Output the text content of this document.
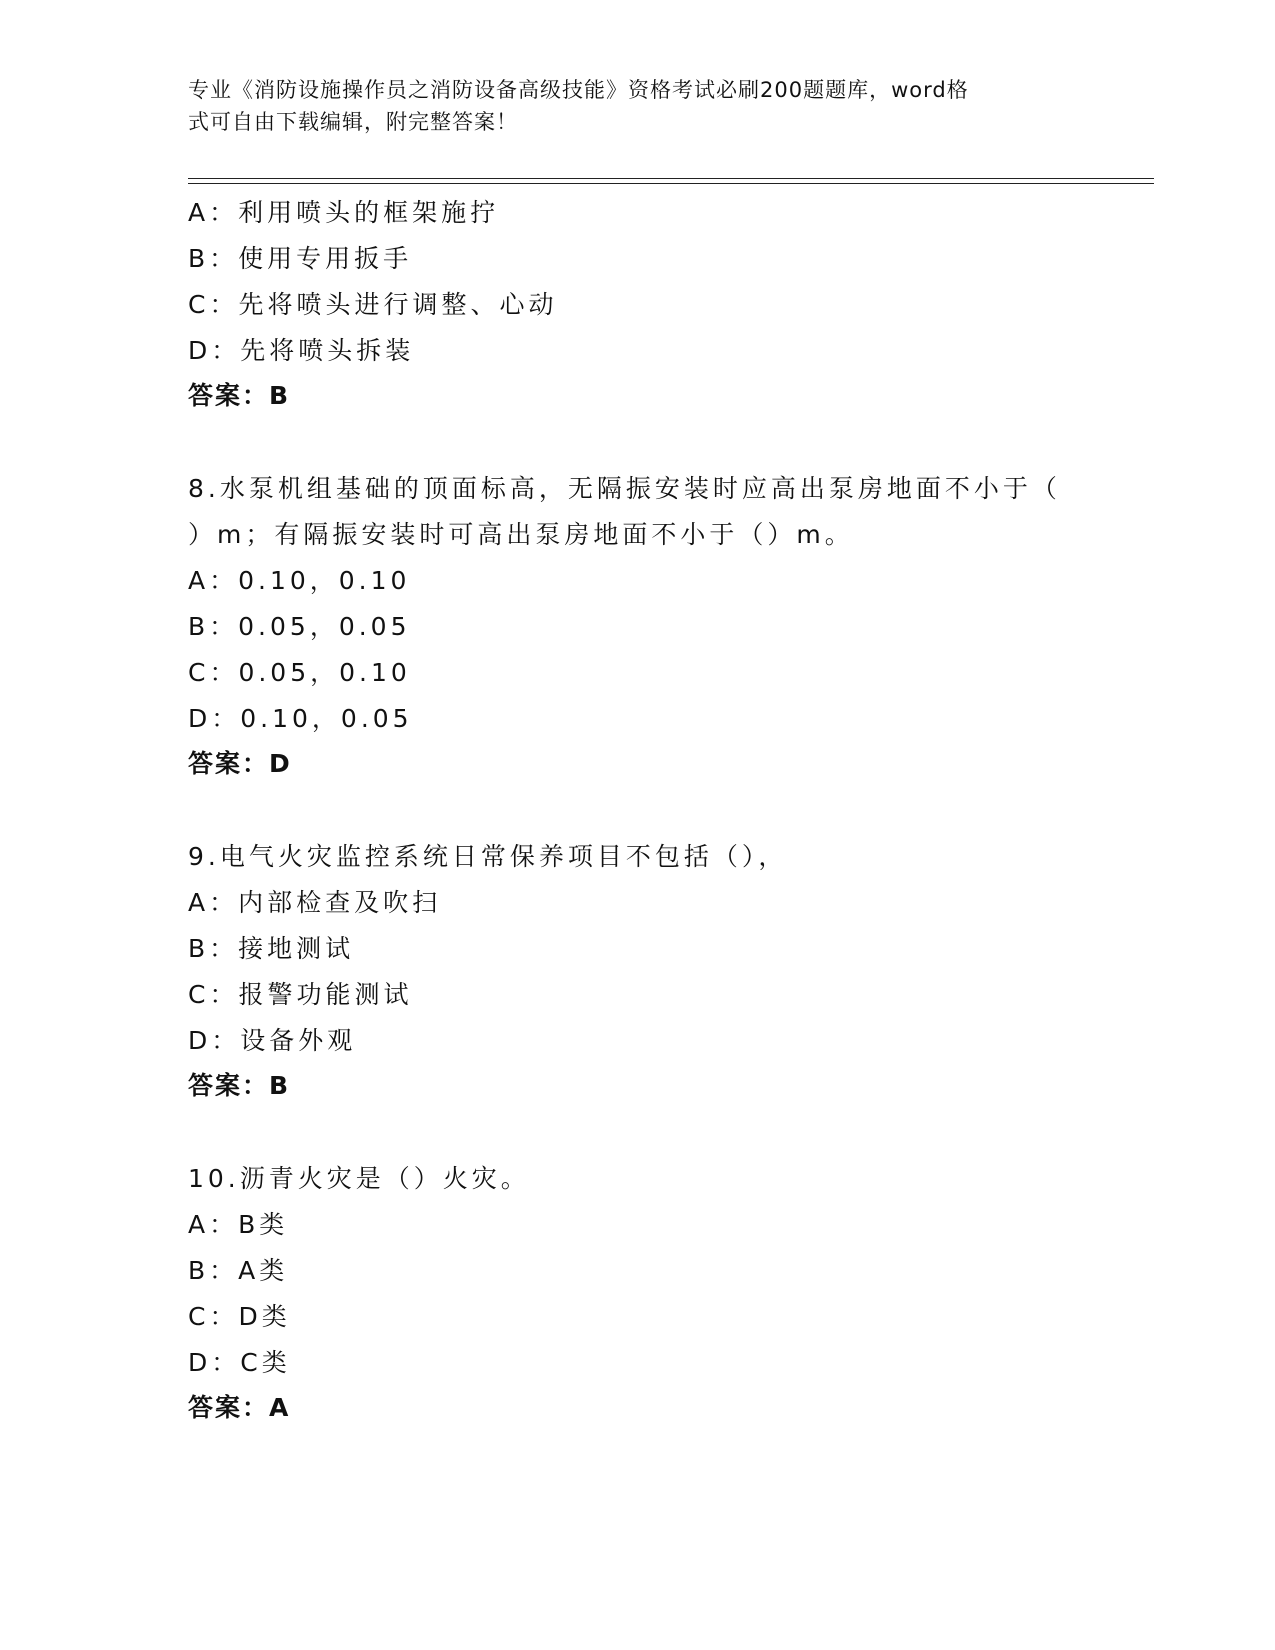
专业《消防设施操作员之消防设备高级技能》资格考试必刷200题题库，word格
式可自由下载编辑，附完整答案！
A：利用喷头的框架施拧
B：使用专用扳手
C：先将喷头进行调整、心动
D：先将喷头拆装
答案：B
8.水泵机组基础的顶面标高，无隔振安装时应高出泵房地面不小于（
）m；有隔振安装时可高出泵房地面不小于（）m。
A：0.10，0.10
B：0.05，0.05
C：0.05，0.10
D：0.10，0.05
答案：D
9.电气火灾监控系统日常保养项目不包括（），
A：内部检查及吹扫
B：接地测试
C：报警功能测试
D：设备外观
答案：B
10.沥青火灾是（）火灾。
A：B类
B：A类
C：D类
D：C类
答案：A
